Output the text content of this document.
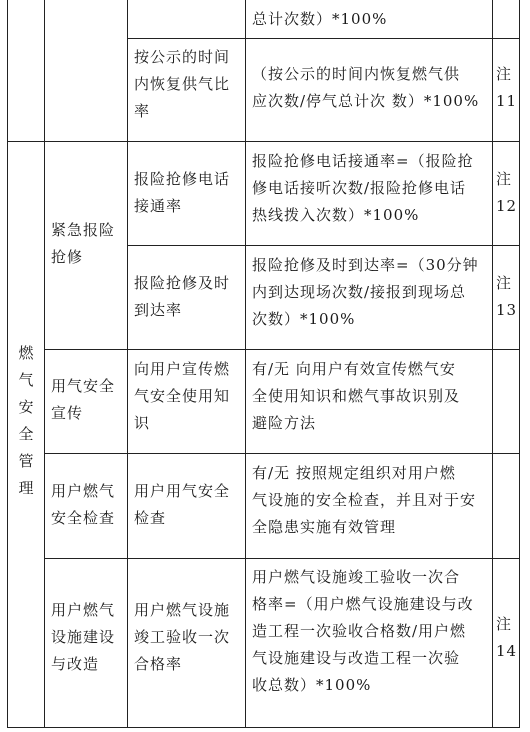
总计次数）*100%
按公示的时间
内恢复供气比
率
（按公示的时间内恢复燃气供
应次数/停气总计次 数）*100%
注
11
报险抢修电话
接通率
报险抢修电话接通率=（报险抢
修电话接听次数/报险抢修电话
热线拨入次数）*100%
注
12
报险抢修及时
到达率
报险抢修及时到达率=（30分钟
内到达现场次数/接报到现场总
次数）*100%
注
13
向用户宣传燃
气安全使用知
识
有/无 向用户有效宣传燃气安
全使用知识和燃气事故识别及
避险方法
用户用气安全
检查
有/无 按照规定组织对用户燃
气设施的安全检查，并且对于安
全隐患实施有效管理
用户燃气设施
竣工验收一次
合格率
用户燃气设施竣工验收一次合
格率=（用户燃气设施建设与改
造工程一次验收合格数/用户燃
气设施建设与改造工程一次验
收总数）*100%
注
14
紧急报险
抢修
用气安全
宣传
用户燃气
安全检查
用户燃气
设施建设
与改造
燃
气
安
全
管
理
